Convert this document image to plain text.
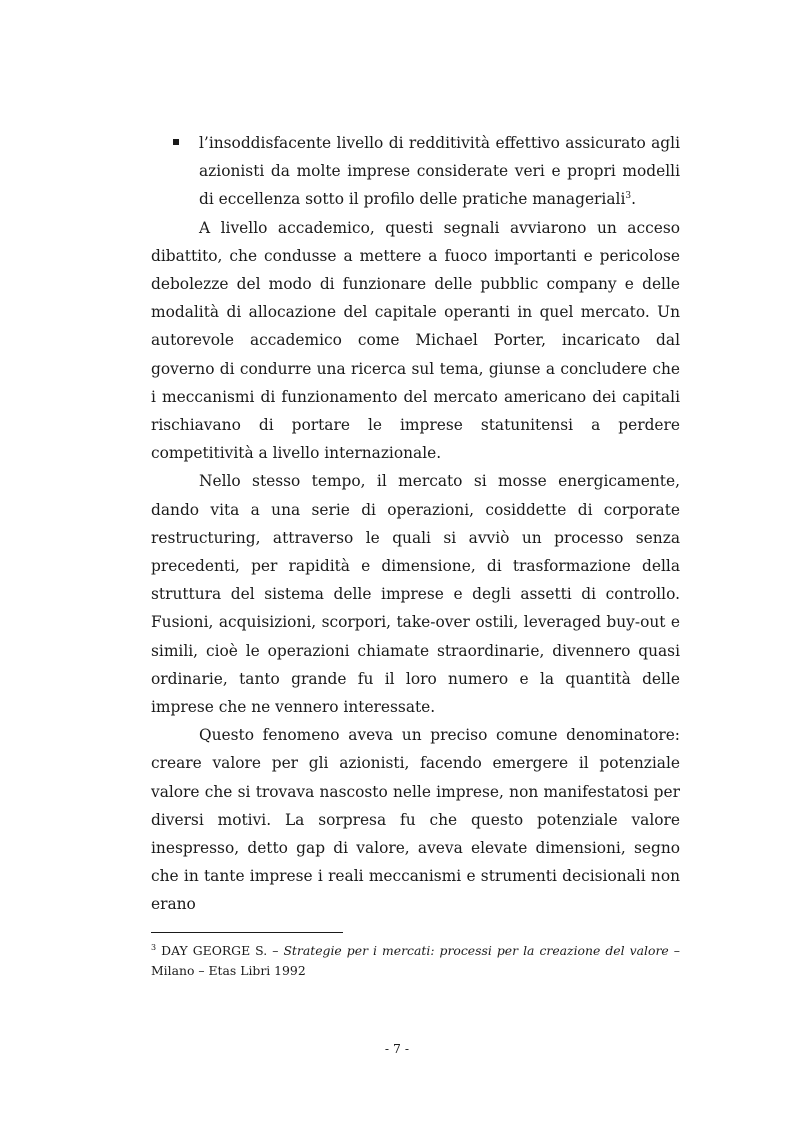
l’insoddisfacente livello di redditività effettivo assicurato agli azionisti da molte imprese considerate veri e propri modelli di eccellenza sotto il profilo delle pratiche manageriali$^3$.

A livello accademico, questi segnali avviarono un acceso dibattito, che condusse a mettere a fuoco importanti e pericolose debolezze del modo di funzionare delle pubblic company e delle modalità di allocazione del capitale operanti in quel mercato. Un autorevole accademico come Michael Porter, incaricato dal governo di condurre una ricerca sul tema, giunse a concludere che i meccanismi di funzionamento del mercato americano dei capitali rischiavano di portare le imprese statunitensi a perdere competitività a livello internazionale.

Nello stesso tempo, il mercato si mosse energicamente, dando vita a una serie di operazioni, cosiddette di corporate restructuring, attraverso le quali si avviò un processo senza precedenti, per rapidità e dimensione, di trasformazione della struttura del sistema delle imprese e degli assetti di controllo. Fusioni, acquisizioni, scorpori, take-over ostili, leveraged buy-out e simili, cioè le operazioni chiamate straordinarie, divennero quasi ordinarie, tanto grande fu il loro numero e la quantità delle imprese che ne vennero interessate.

Questo fenomeno aveva un preciso comune denominatore: creare valore per gli azionisti, facendo emergere il potenziale valore che si trovava nascosto nelle imprese, non manifestatosi per diversi motivi. La sorpresa fu che questo potenziale valore inespresso, detto gap di valore, aveva elevate dimensioni, segno che in tante imprese i reali meccanismi e strumenti decisionali non erano

$^3$ DAY GEORGE S. – Strategie per i mercati: processi per la creazione del valore – Milano – Etas Libri 1992
- 7 -
